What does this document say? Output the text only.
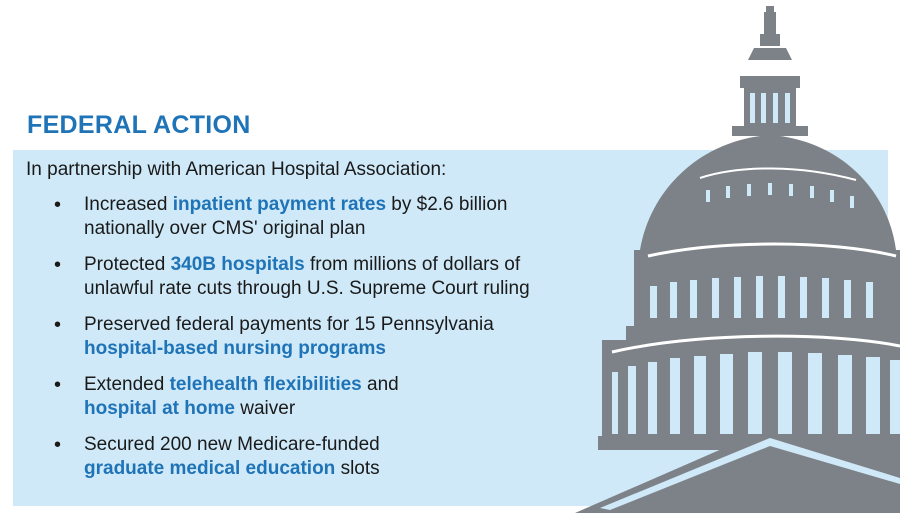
FEDERAL ACTION
In partnership with American Hospital Association:
• Increased inpatient payment rates by $2.6 billion
nationally over CMS' original plan
• Protected 340B hospitals from millions of dollars of
unlawful rate cuts through U.S. Supreme Court ruling
• Preserved federal payments for 15 Pennsylvania
hospital-based nursing programs
• Extended telehealth flexibilities and
hospital at home waiver
• Secured 200 new Medicare-funded
graduate medical education slots
